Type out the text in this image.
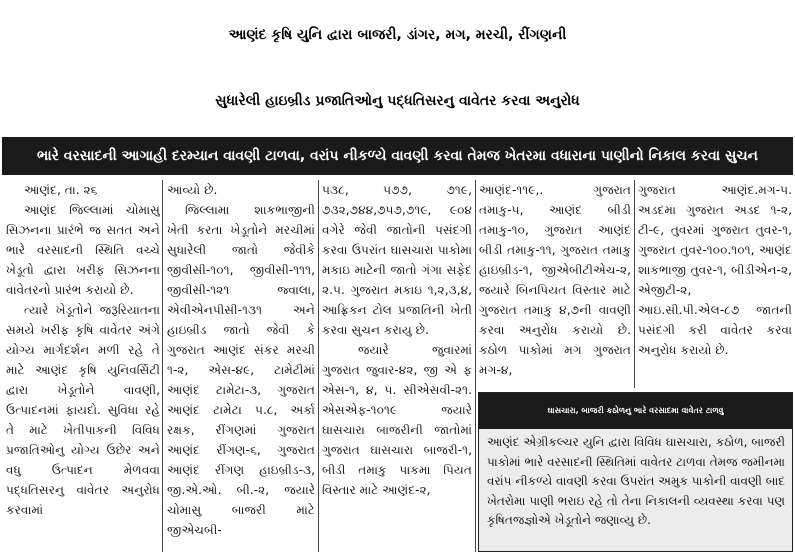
આણંદ કૃષિ યુનિ દ્વારા બાજરી, ડાંગર, મગ, મરચી, રીંગણની
સુધારેલી હાઇબ્રીડ પ્રજાતિઓનુ પદ્ધતિસરનુ વાવેતર કરવા અનુરોધ
ભારે વરસાદની આગાહી દરમ્યાન વાવણી ટાળવા, વરાંપ નીકળ્યે વાવણી કરવા તેમજ ખેતરમા વધારાના પાણીનો નિકાલ કરવા સુચન

આણંદ, તા. ૨૬

આણંદ જિલ્લામાં ચોમાસુ સિઝનના પ્રારંભે જ સતત અને ભારે વરસાદની સ્થિતિ વચ્ચે ખેડૂતો દ્વારા ખરીફ સિઝનના વાવેતરનો પ્રારંભ કરાયો છે.

ત્યારે ખેડૂતોને જરૂરિયાતના સમયે ખરીફ કૃષિ વાવેતર અંગે યોગ્ય માર્ગદર્શન મળી રહે તે માટે આણંદ કૃષિ યુનિવર્સિટી દ્વારા ખેડૂતોને વાવણી, ઉત્પાદનમાં ફાયદો. સુવિધા રહે તે માટે ખેતીપાકની વિવિધ પ્રજાતિઓનુ યોગ્ય ઉછેર અને વધુ ઉત્પાદન મેળવવા પદ્ધતિસરનુ વાવેતર અનુરોધ કરવામાં

આવ્યો છે.

જિલ્લામા શાકભાજીની ખેતી કરતા ખેડૂતોને મરચીમાં સુધારેલી જાતો જેવીકે જીવીસી-૧૦૧, જીવીસી-૧૧૧, જીવીસી-૧૨૧ જ્વાલા, એવીએનપીસી-૧૩૧ અને હાઇબ્રીડ જાતો જેવી કે ગુજરાત આણંદ સંકર મરચી ૧-૨, એસ-૪૯, ટામેટીમાં આણંદ ટામેટા-૩, ગુજરાત આણંદ ટામેટા ૫.૮, અર્કા રક્ષક, રીંગણમાં ગુજરાત આણંદ રીંગણ-૬, ગુજરાત આણંદ રીંગણ હાઇબ્રીડ-૩, જી.એ.ઓ. બી.-૨, જયારે ચોમાસુ બાજરી માટે જીએચબી-

૫૩૮, ૫૭૭, ૭૧૯, ૭૩૨,૭૪૪,૭૫૭,૭૧૯, ૯૦૪ વગેરે જેવી જાતોની પસંદગી કરવા ઉપરાંત ઘાસચારા પાકોમા મકાઇ માટેની જાતો ગંગા સફેદ ૨.૫. ગુજરાત મકાઇ ૧,૨,૩,૪, આફ્રિકન ટોલ પ્રજાતિની ખેતી કરવા સુચન કરાયુ છે.

જયારે જુવારમાં ગુજરાત જુવાર-૪૨, જી એ ફ એસ-૧, ૪, ૫. સીએસવી-૨૧. એસએફ-૧૦૧૯ જયારે ઘાસચારા બાજરીની જાતોમાં ગુજરાત ઘાસચારા બાજરી-૧, બીડી તમાકુ પાકમા પિયત વિસ્તાર માટે આણંદ-૨,

આણંદ-૧૧૯,. ગુજરાત તમાકુ-૫, આણંદ બીડી તમાકુ-૧૦, ગુજરાત આણંદ બીડી તમાકુ-૧૧, ગુજરાત તમાકુ હાઇબ્રીડ-૧, જીએબીટીએચ-૨, જયારે બિનપિયત વિસ્તાર માટે ગુજરાત તમાકુ ૪,૭ની વાવણી કરવા અનુરોધ કરાયો છે. કઠોળ પાકોમાં મગ ગુજરાત મગ-૪,

ગુજરાત આણંદ.મગ-૫. અડદમા ગુજરાત અડદ ૧-૨, ટી-૯, તુવરમાં ગુજરાત તુવર-૧, ગુજરાત તુવર-૧૦૦.૧૦૧, આણંદ શાકભાજી તુવર-૧, બીડીએન-૨, એજીટી-૨, આઇ.સી.પી.એલ-૮૭ જાતની પસંદગી કરી વાવેતર કરવા અનુરોધ કરાયો છે.

ઘાસચારા, બાજરી કઠોળનુ ભારે વરસાદમા વાવેતર ટાળવુ
આણંદ એગ્રીકલ્ચર યુનિ દ્વારા વિવિધ ઘાસચારા, કઠોળ, બાજરી પાકોમાં ભારે વરસાદની સ્થિતિમાં વાવેતર ટાળવા તેમજ જમીનમા વરાંપ નીકળ્યે વાવણી કરવા ઉપરાંત અમુક પાકોની વાવણી બાદ ખેતરોમા પાણી ભરાઇ રહે તો તેના નિકાલની વ્યવસ્થા કરવા પણ કૃષિતજજ્ઞોએ ખેડૂતોને જણાવ્યુ છે.
